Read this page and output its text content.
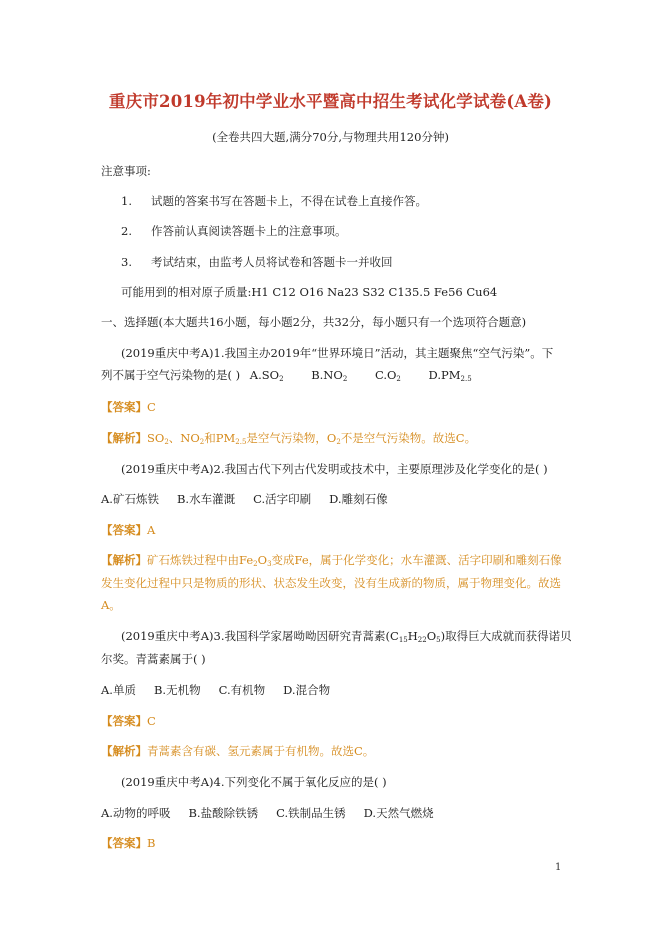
重庆市2019年初中学业水平暨高中招生考试化学试卷(A卷)
(全卷共四大题,满分70分,与物理共用120分钟)
注意事项:
1. 试题的答案书写在答题卡上，不得在试卷上直接作答。
2. 作答前认真阅读答题卡上的注意事项。
3. 考试结束，由监考人员将试卷和答题卡一并收回
可能用到的相对原子质量:H1 C12 O16 Na23 S32 C135.5 Fe56 Cu64
一、选择题(本大题共16小题，每小题2分，共32分，每小题只有一个选项符合题意)
(2019重庆中考A)1.我国主办2019年“世界环境日”活动，其主题聚焦“空气污染”。下
列不属于空气污染物的是( ) $A.SO_2$ $B.NO_2$ $C.O_2$ $D.PM_{2.5}$
【答案】C
【解析】$SO_2$、$NO_2$和$PM_{2.5}$是空气污染物，$O_2$不是空气污染物。故选C。
(2019重庆中考A)2.我国古代下列古代发明或技术中，主要原理涉及化学变化的是( )
A.矿石炼铁 B.水车灌溉 C.活字印刷 D.雕刻石像
【答案】A
【解析】矿石炼铁过程中由$Fe_2O_3$变成Fe，属于化学变化；水车灌溉、活字印刷和雕刻石像
发生变化过程中只是物质的形状、状态发生改变，没有生成新的物质，属于物理变化。故选
A。
(2019重庆中考A)3.我国科学家屠呦呦因研究青蒿素$(C_{15}H_{22}O_5)$取得巨大成就而获得诺贝
尔奖。青蒿素属于( )
A.单质 B.无机物 C.有机物 D.混合物
【答案】C
【解析】青蒿素含有碳、氢元素属于有机物。故选C。
(2019重庆中考A)4.下列变化不属于氧化反应的是( )
A.动物的呼吸 B.盐酸除铁锈 C.铁制品生锈 D.天然气燃烧
【答案】B
1
